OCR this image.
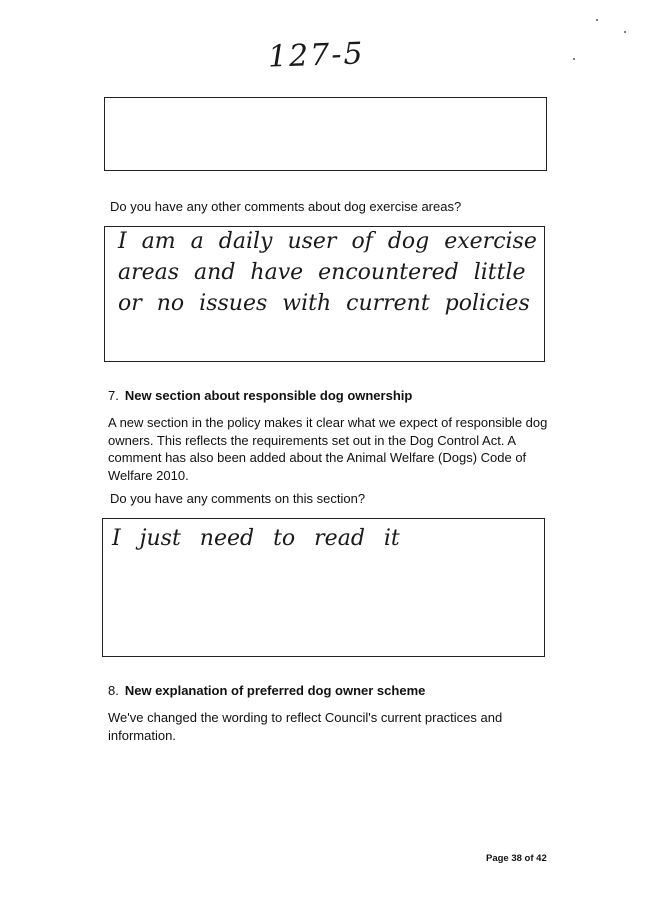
127-5
Do you have any other comments about dog exercise areas?
I am a daily user of dog exercise areas and have encountered little or no issues with current policies
7. New section about responsible dog ownership
A new section in the policy makes it clear what we expect of responsible dog owners. This reflects the requirements set out in the Dog Control Act. A comment has also been added about the Animal Welfare (Dogs) Code of Welfare 2010.
Do you have any comments on this section?
I just need to read it
8. New explanation of preferred dog owner scheme
We've changed the wording to reflect Council's current practices and information.
Page 38 of 42
